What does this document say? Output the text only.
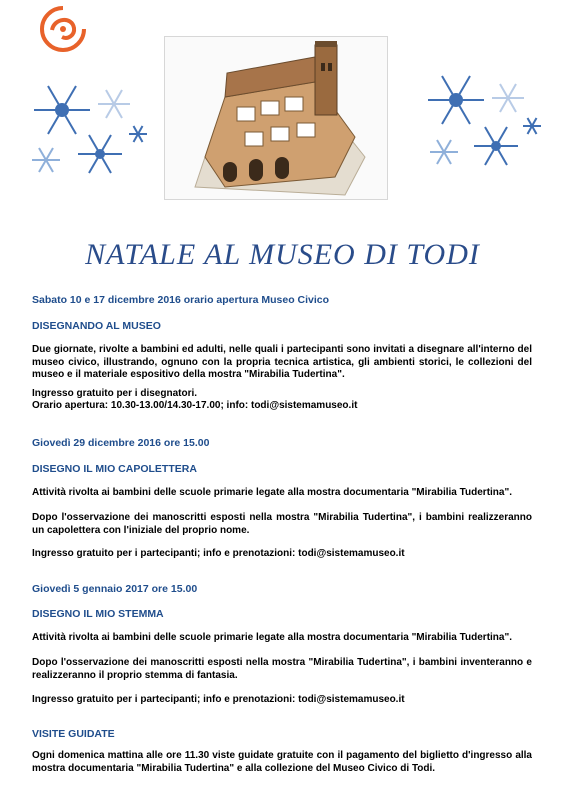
NATALE AL MUSEO DI TODI
Sabato 10 e 17 dicembre 2016 orario apertura Museo Civico
DISEGNANDO AL MUSEO

Due giornate, rivolte a bambini ed adulti, nelle quali i partecipanti sono invitati a disegnare all'interno del museo civico, illustrando, ognuno con la propria tecnica artistica, gli ambienti storici, le collezioni del museo e il materiale espositivo della mostra "Mirabilia Tudertina".

Ingresso gratuito per i disegnatori.

Orario apertura: 10.30-13.00/14.30-17.00; info: todi@sistemamuseo.it

Giovedì 29 dicembre 2016 ore 15.00
DISEGNO IL MIO CAPOLETTERA

Attività rivolta ai bambini delle scuole primarie legate alla mostra documentaria "Mirabilia Tudertina".

Dopo l'osservazione dei manoscritti esposti nella mostra "Mirabilia Tudertina", i bambini realizzeranno un capolettera con l'iniziale del proprio nome.

Ingresso gratuito per i partecipanti; info e prenotazioni: todi@sistemamuseo.it

Giovedì 5 gennaio 2017 ore 15.00
DISEGNO IL MIO STEMMA

Attività rivolta ai bambini delle scuole primarie legate alla mostra documentaria "Mirabilia Tudertina".

Dopo l'osservazione dei manoscritti esposti nella mostra "Mirabilia Tudertina", i bambini inventeranno e realizzeranno il proprio stemma di fantasia.

Ingresso gratuito per i partecipanti; info e prenotazioni: todi@sistemamuseo.it

VISITE GUIDATE

Ogni domenica mattina alle ore 11.30 viste guidate gratuite con il pagamento del biglietto d'ingresso alla mostra documentaria "Mirabilia Tudertina" e alla collezione del Museo Civico di Todi.
